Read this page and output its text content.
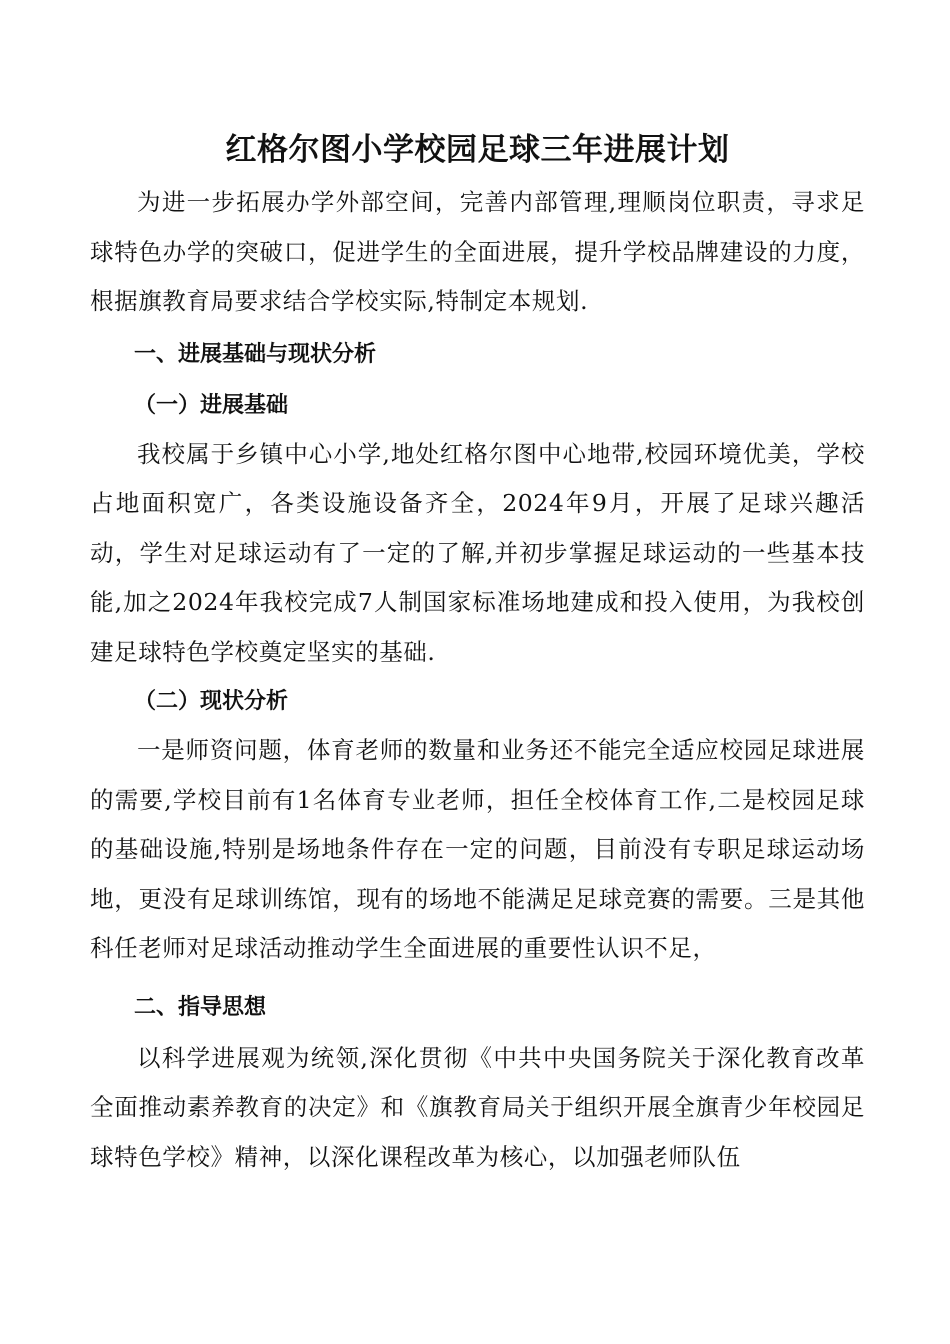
红格尔图小学校园足球三年进展计划

为进一步拓展办学外部空间，完善内部管理,理顺岗位职责，寻求足球特色办学的突破口，促进学生的全面进展，提升学校品牌建设的力度，根据旗教育局要求结合学校实际,特制定本规划.

一、进展基础与现状分析
（一）进展基础

我校属于乡镇中心小学,地处红格尔图中心地带,校园环境优美，学校占地面积宽广，各类设施设备齐全，2024年9月，开展了足球兴趣活动，学生对足球运动有了一定的了解,并初步掌握足球运动的一些基本技能,加之2024年我校完成7人制国家标准场地建成和投入使用，为我校创建足球特色学校奠定坚实的基础.

（二）现状分析

一是师资问题，体育老师的数量和业务还不能完全适应校园足球进展的需要,学校目前有1名体育专业老师，担任全校体育工作,二是校园足球的基础设施,特别是场地条件存在一定的问题，目前没有专职足球运动场地，更没有足球训练馆，现有的场地不能满足足球竞赛的需要。三是其他科任老师对足球活动推动学生全面进展的重要性认识不足，

二、指导思想

以科学进展观为统领,深化贯彻《中共中央国务院关于深化教育改革全面推动素养教育的决定》和《旗教育局关于组织开展全旗青少年校园足球特色学校》精神，以深化课程改革为核心，以加强老师队伍
